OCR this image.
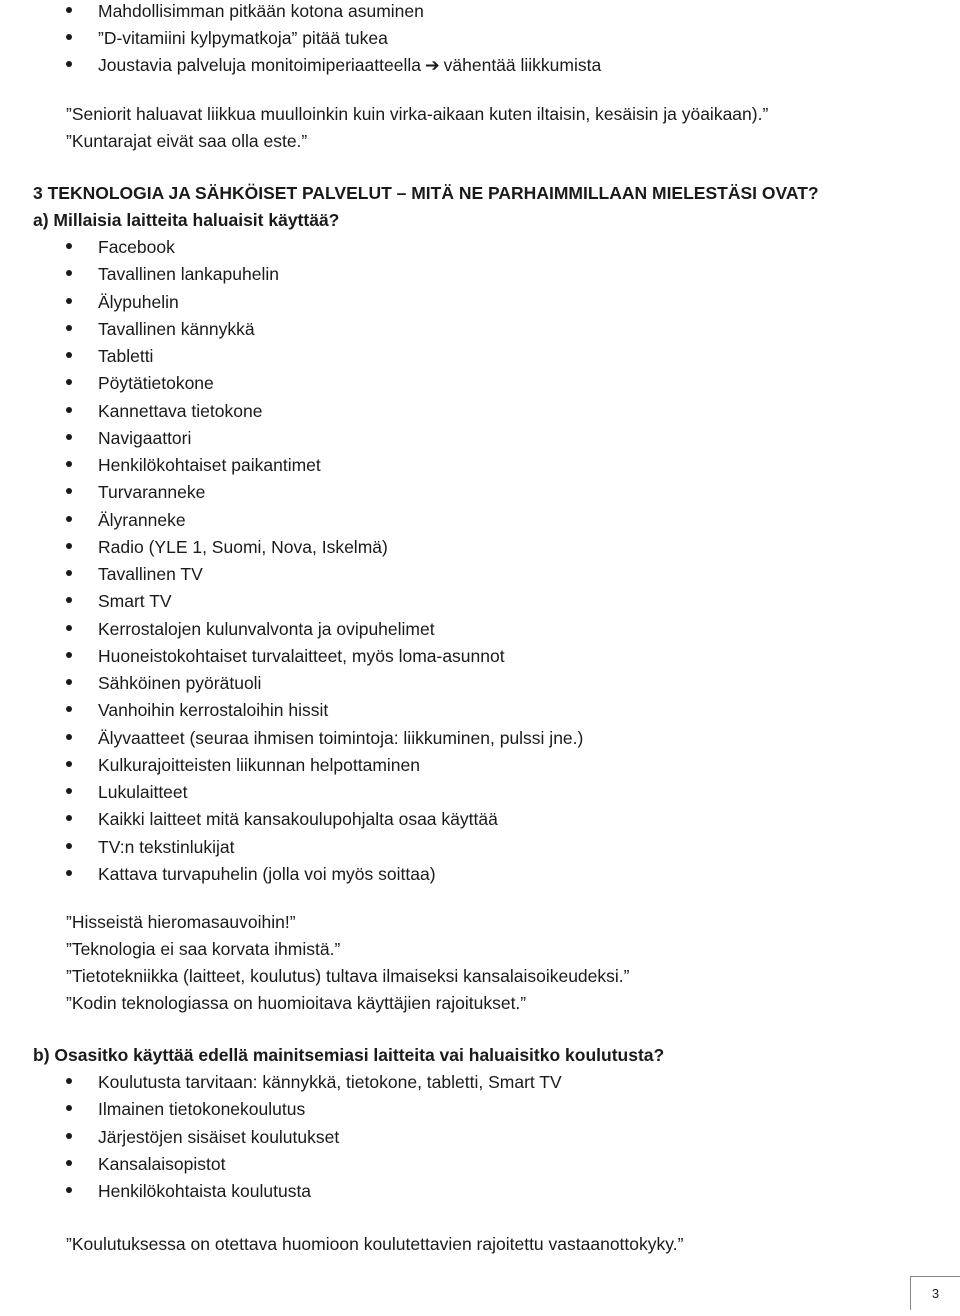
Mahdollisimman pitkään kotona asuminen
”D-vitamiini kylpymatkoja” pitää tukea
Joustavia palveluja monitoimiperiaatteella ➔ vähentää liikkumista
”Seniorit haluavat liikkua muulloinkin kuin virka-aikaan kuten iltaisin, kesäisin ja yöaikaan).”
”Kuntarajat eivät saa olla este.”
3 TEKNOLOGIA JA SÄHKÖISET PALVELUT – MITÄ NE PARHAIMMILLAAN MIELESTÄSI OVAT?
a) Millaisia laitteita haluaisit käyttää?
Facebook
Tavallinen lankapuhelin
Älypuhelin
Tavallinen kännykkä
Tabletti
Pöytätietokone
Kannettava tietokone
Navigaattori
Henkilökohtaiset paikantimet
Turvaranneke
Älyranneke
Radio (YLE 1, Suomi, Nova, Iskelmä)
Tavallinen TV
Smart TV
Kerrostalojen kulunvalvonta ja ovipuhelimet
Huoneistokohtaiset turvalaitteet, myös loma-asunnot
Sähköinen pyörätuoli
Vanhoihin kerrostaloihin hissit
Älyvaatteet (seuraa ihmisen toimintoja: liikkuminen, pulssi jne.)
Kulkurajoitteisten liikunnan helpottaminen
Lukulaitteet
Kaikki laitteet mitä kansakoulupohjalta osaa käyttää
TV:n tekstinlukijat
Kattava turvapuhelin (jolla voi myös soittaa)
”Hisseistä hieromasauvoihin!”
”Teknologia ei saa korvata ihmistä.”
”Tietotekniikka (laitteet, koulutus) tultava ilmaiseksi kansalaisoikeudeksi.”
”Kodin teknologiassa on huomioitava käyttäjien rajoitukset.”
b) Osasitko käyttää edellä mainitsemiasi laitteita vai haluaisitko koulutusta?
Koulutusta tarvitaan: kännykkä, tietokone, tabletti, Smart TV
Ilmainen tietokonekoulutus
Järjestöjen sisäiset koulutukset
Kansalaisopistot
Henkilökohtaista koulutusta
”Koulutuksessa on otettava huomioon koulutettavien rajoitettu vastaanottokyky.”
3
